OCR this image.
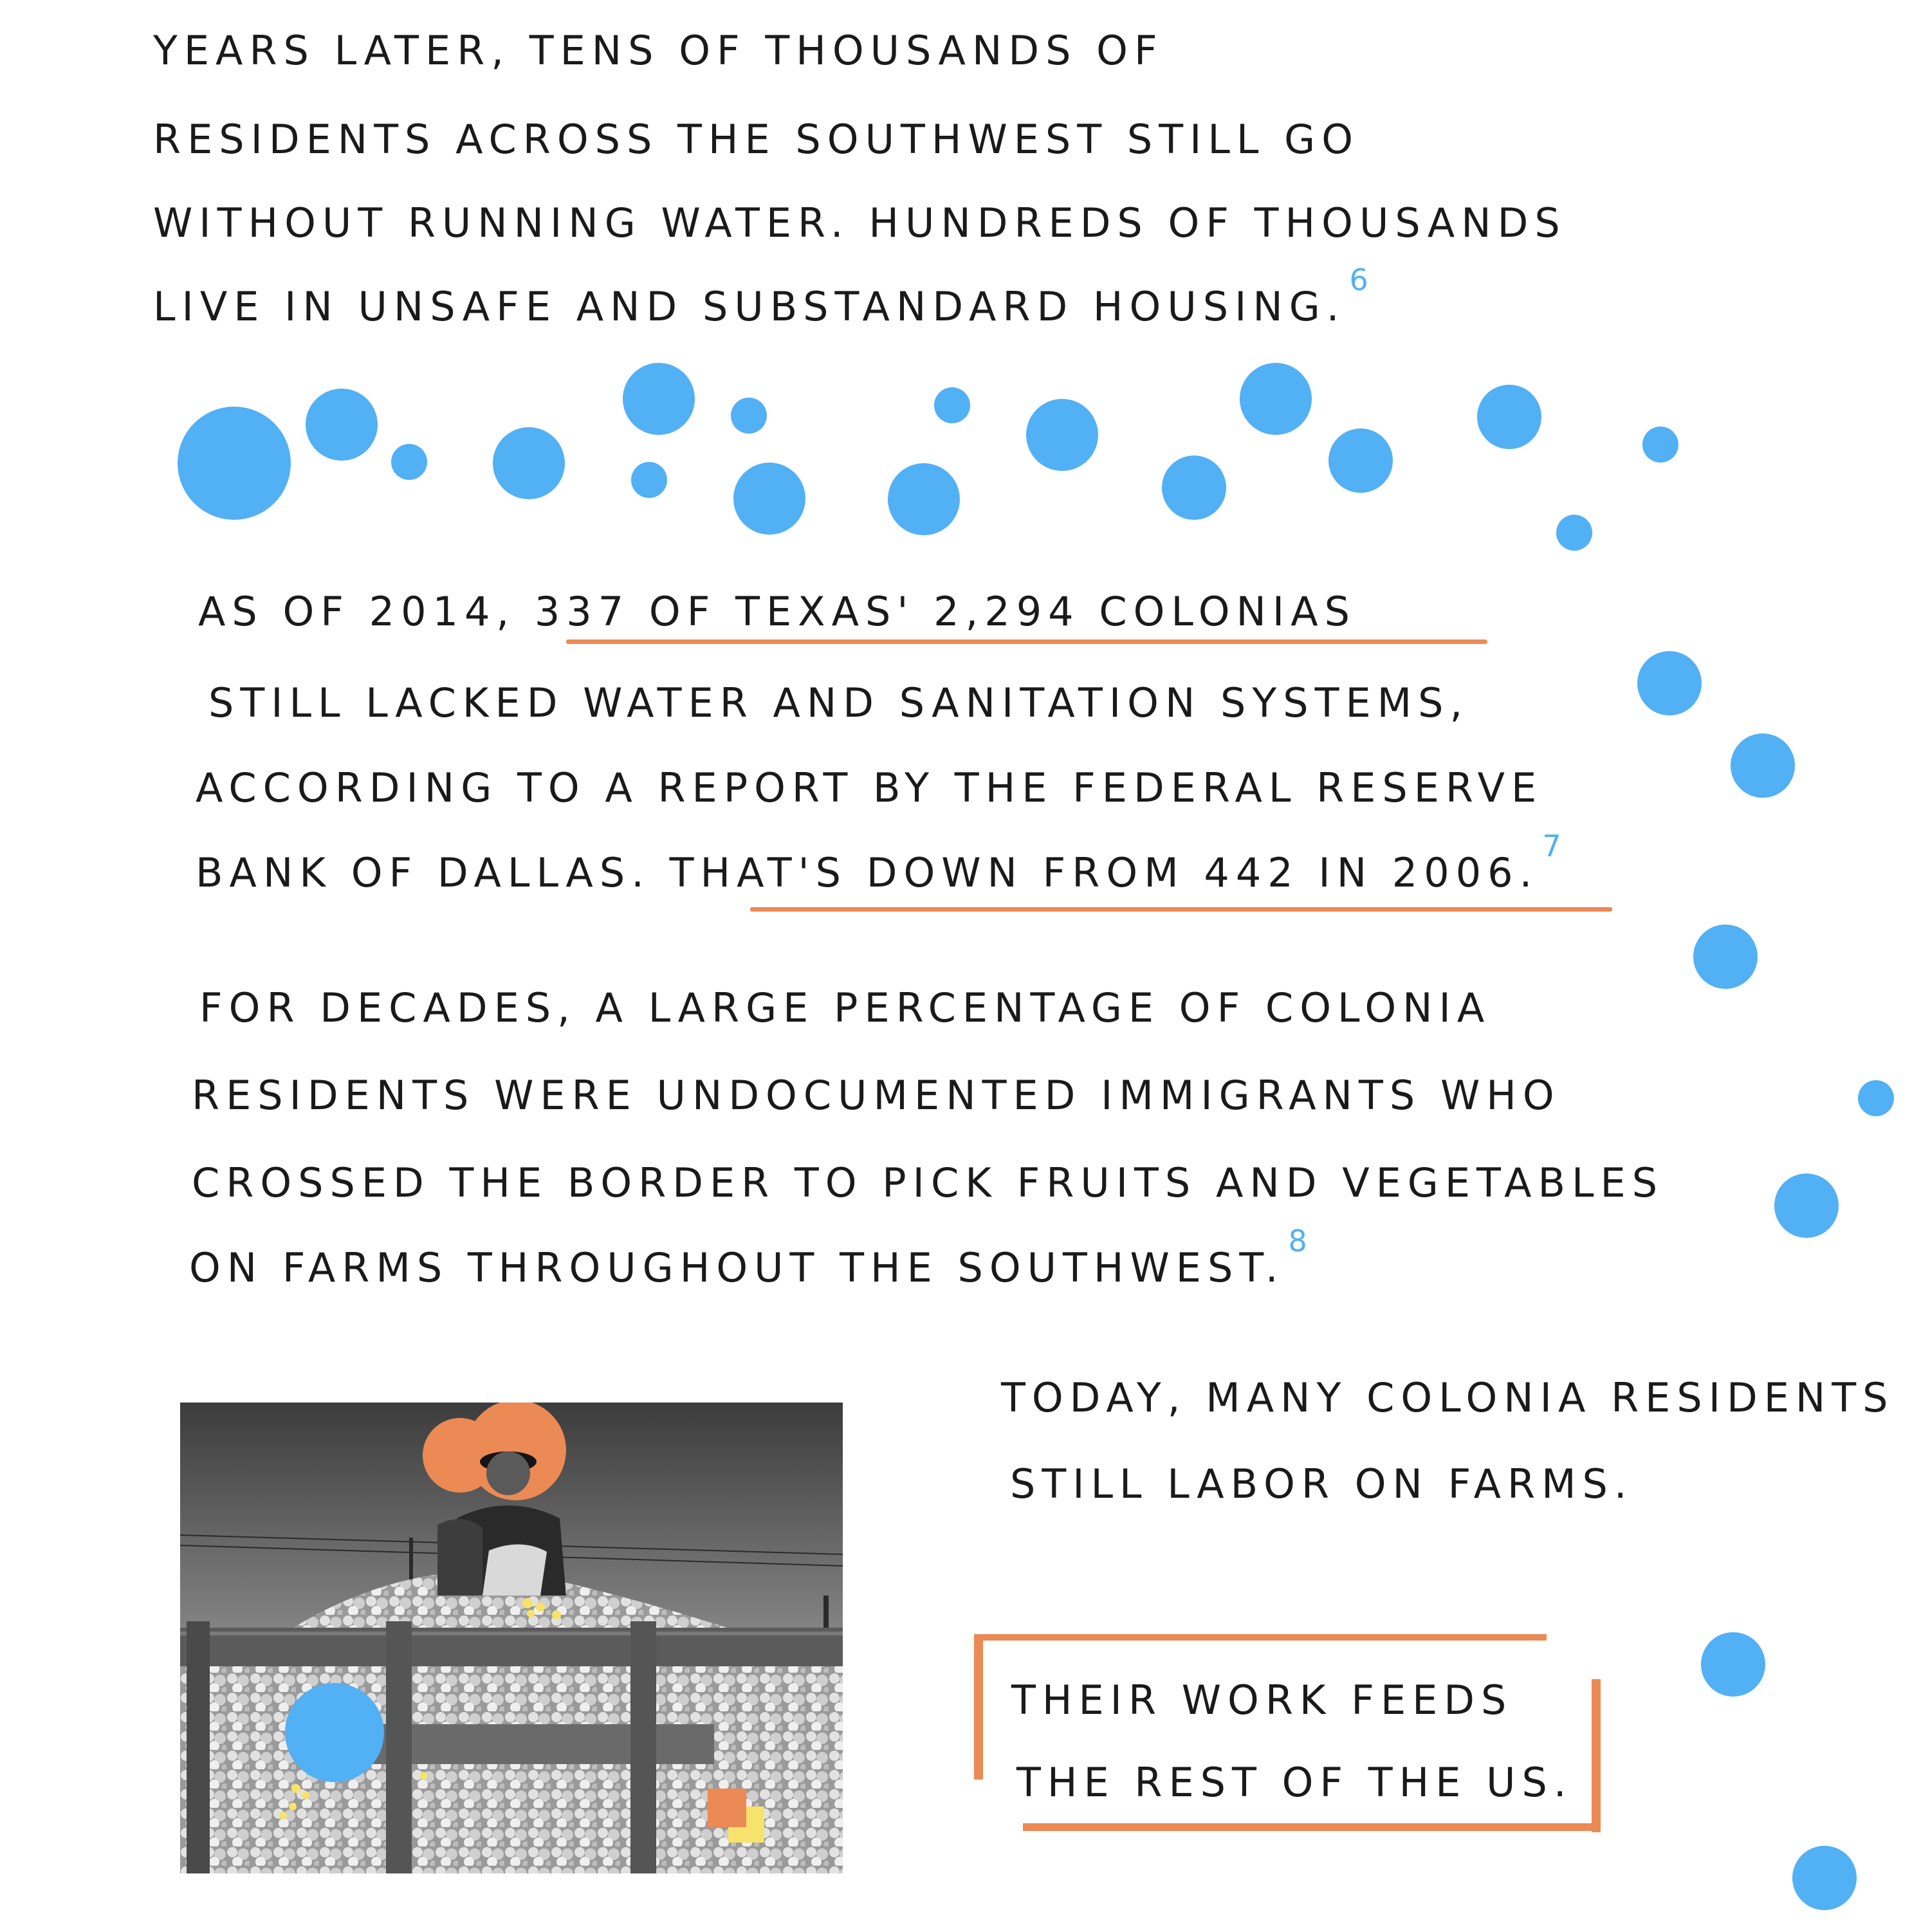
YEARS LATER, TENS OF THOUSANDS OF

RESIDENTS ACROSS THE SOUTHWEST STILL GO

WITHOUT RUNNING WATER. HUNDREDS OF THOUSANDS

LIVE IN UNSAFE AND SUBSTANDARD HOUSING.$^6$

AS OF 2014, 337 OF TEXAS' 2,294 COLONIAS

STILL LACKED WATER AND SANITATION SYSTEMS,

ACCORDING TO A REPORT BY THE FEDERAL RESERVE

BANK OF DALLAS. THAT'S DOWN FROM 442 IN 2006.$^7$

FOR DECADES, A LARGE PERCENTAGE OF COLONIA

RESIDENTS WERE UNDOCUMENTED IMMIGRANTS WHO

CROSSED THE BORDER TO PICK FRUITS AND VEGETABLES

ON FARMS THROUGHOUT THE SOUTHWEST.$^8$

TODAY, MANY COLONIA RESIDENTS

STILL LABOR ON FARMS.

THEIR WORK FEEDS

THE REST OF THE US.
